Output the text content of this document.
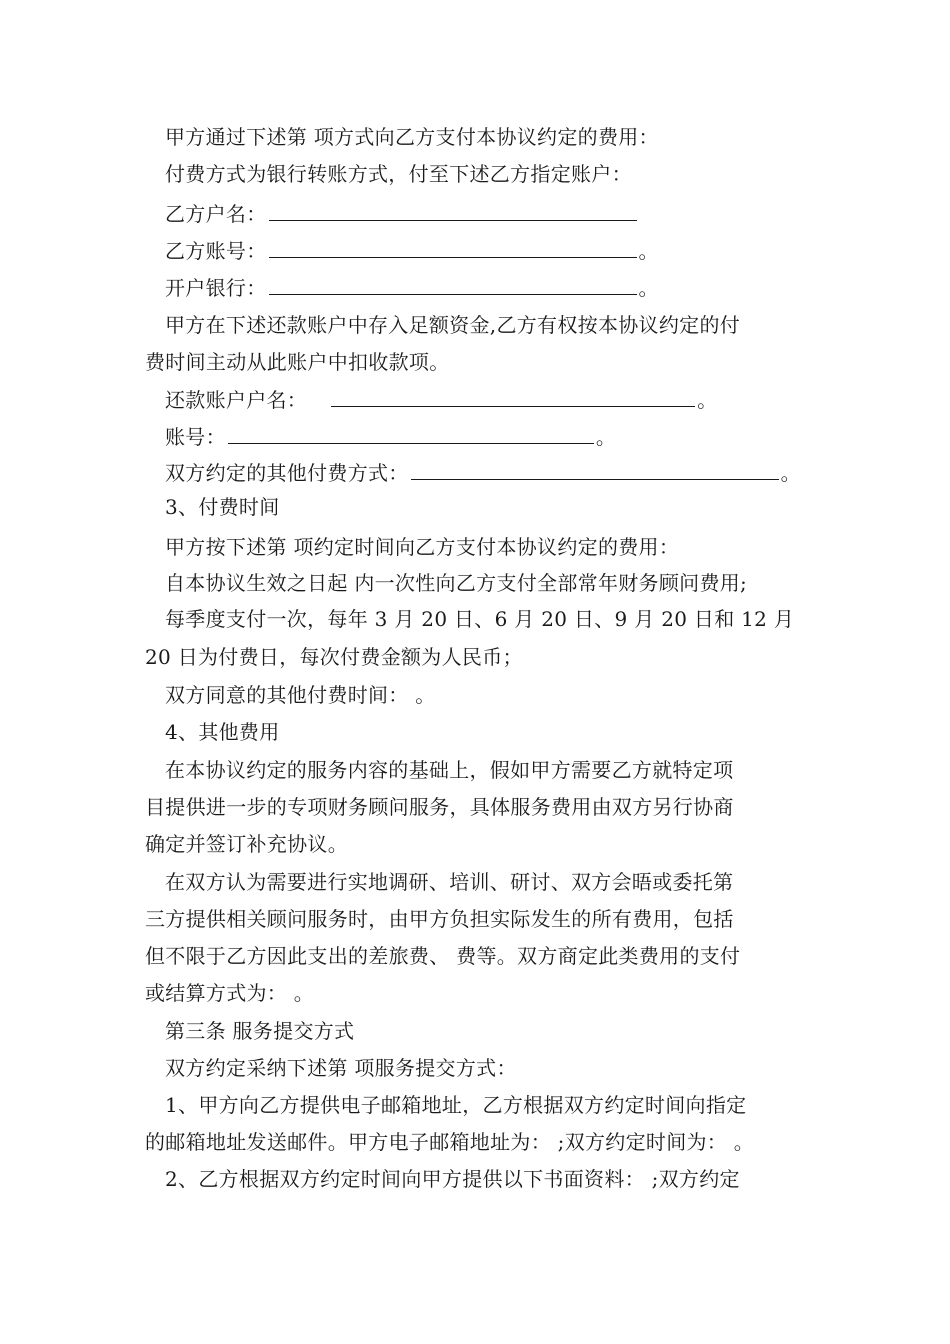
甲方通过下述第 项方式向乙方支付本协议约定的费用：
付费方式为银行转账方式，付至下述乙方指定账户：
乙方户名：
乙方账号：	。
开户银行：	。
甲方在下述还款账户中存入足额资金,乙方有权按本协议约定的付
费时间主动从此账户中扣收款项。
还款账户户名：	。
账号：	。
双方约定的其他付费方式：	。
3、付费时间
甲方按下述第 项约定时间向乙方支付本协议约定的费用：
自本协议生效之日起 内一次性向乙方支付全部常年财务顾问费用;
每季度支付一次，每年 3 月 20 日、6 月 20 日、9 月 20 日和 12 月
20 日为付费日，每次付费金额为人民币；
双方同意的其他付费时间： 。
4、其他费用
在本协议约定的服务内容的基础上，假如甲方需要乙方就特定项
目提供进一步的专项财务顾问服务，具体服务费用由双方另行协商
确定并签订补充协议。
在双方认为需要进行实地调研、培训、研讨、双方会晤或委托第
三方提供相关顾问服务时，由甲方负担实际发生的所有费用，包括
但不限于乙方因此支出的差旅费、 费等。双方商定此类费用的支付
或结算方式为： 。
第三条 服务提交方式
双方约定采纳下述第 项服务提交方式：
1、甲方向乙方提供电子邮箱地址，乙方根据双方约定时间向指定
的邮箱地址发送邮件。甲方电子邮箱地址为： ;双方约定时间为： 。
2、乙方根据双方约定时间向甲方提供以下书面资料： ;双方约定
